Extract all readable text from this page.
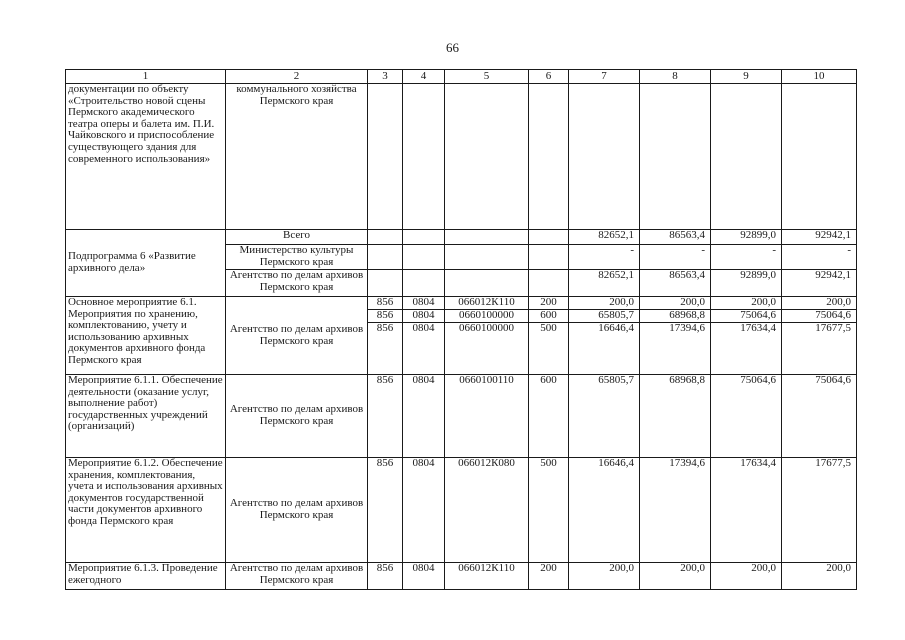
66
1	2	3	4	5	6	7	8	9	10
документации по объекту «Строительство новой сцены Пермского академического театра оперы и балета им. П.И. Чайковского и приспособление существующего здания для современного использования»	коммунального хозяйства Пермского края								
Подпрограмма 6 «Развитие архивного дела»	Всего					82652,1	86563,4	92899,0	92942,1
	Министерство культуры Пермского края					-	-	-	-
	Агентство по делам архивов Пермского края					82652,1	86563,4	92899,0	92942,1
Основное мероприятие 6.1. Мероприятия по хранению, комплектованию, учету и использованию архивных документов архивного фонда Пермского края	Агентство по делам архивов Пермского края	856	0804	066012К110	200	200,0	200,0	200,0	200,0
		856	0804	0660100000	600	65805,7	68968,8	75064,6	75064,6
		856	0804	0660100000	500	16646,4	17394,6	17634,4	17677,5
Мероприятие 6.1.1. Обеспечение деятельности (оказание услуг, выполнение работ) государственных учреждений (организаций)	Агентство по делам архивов Пермского края	856	0804	0660100110	600	65805,7	68968,8	75064,6	75064,6
Мероприятие 6.1.2. Обеспечение хранения, комплектования, учета и использования архивных документов государственной части документов архивного фонда Пермского края	Агентство по делам архивов Пермского края	856	0804	066012К080	500	16646,4	17394,6	17634,4	17677,5
Мероприятие 6.1.3. Проведение ежегодного	Агентство по делам архивов Пермского края	856	0804	066012К110	200	200,0	200,0	200,0	200,0
